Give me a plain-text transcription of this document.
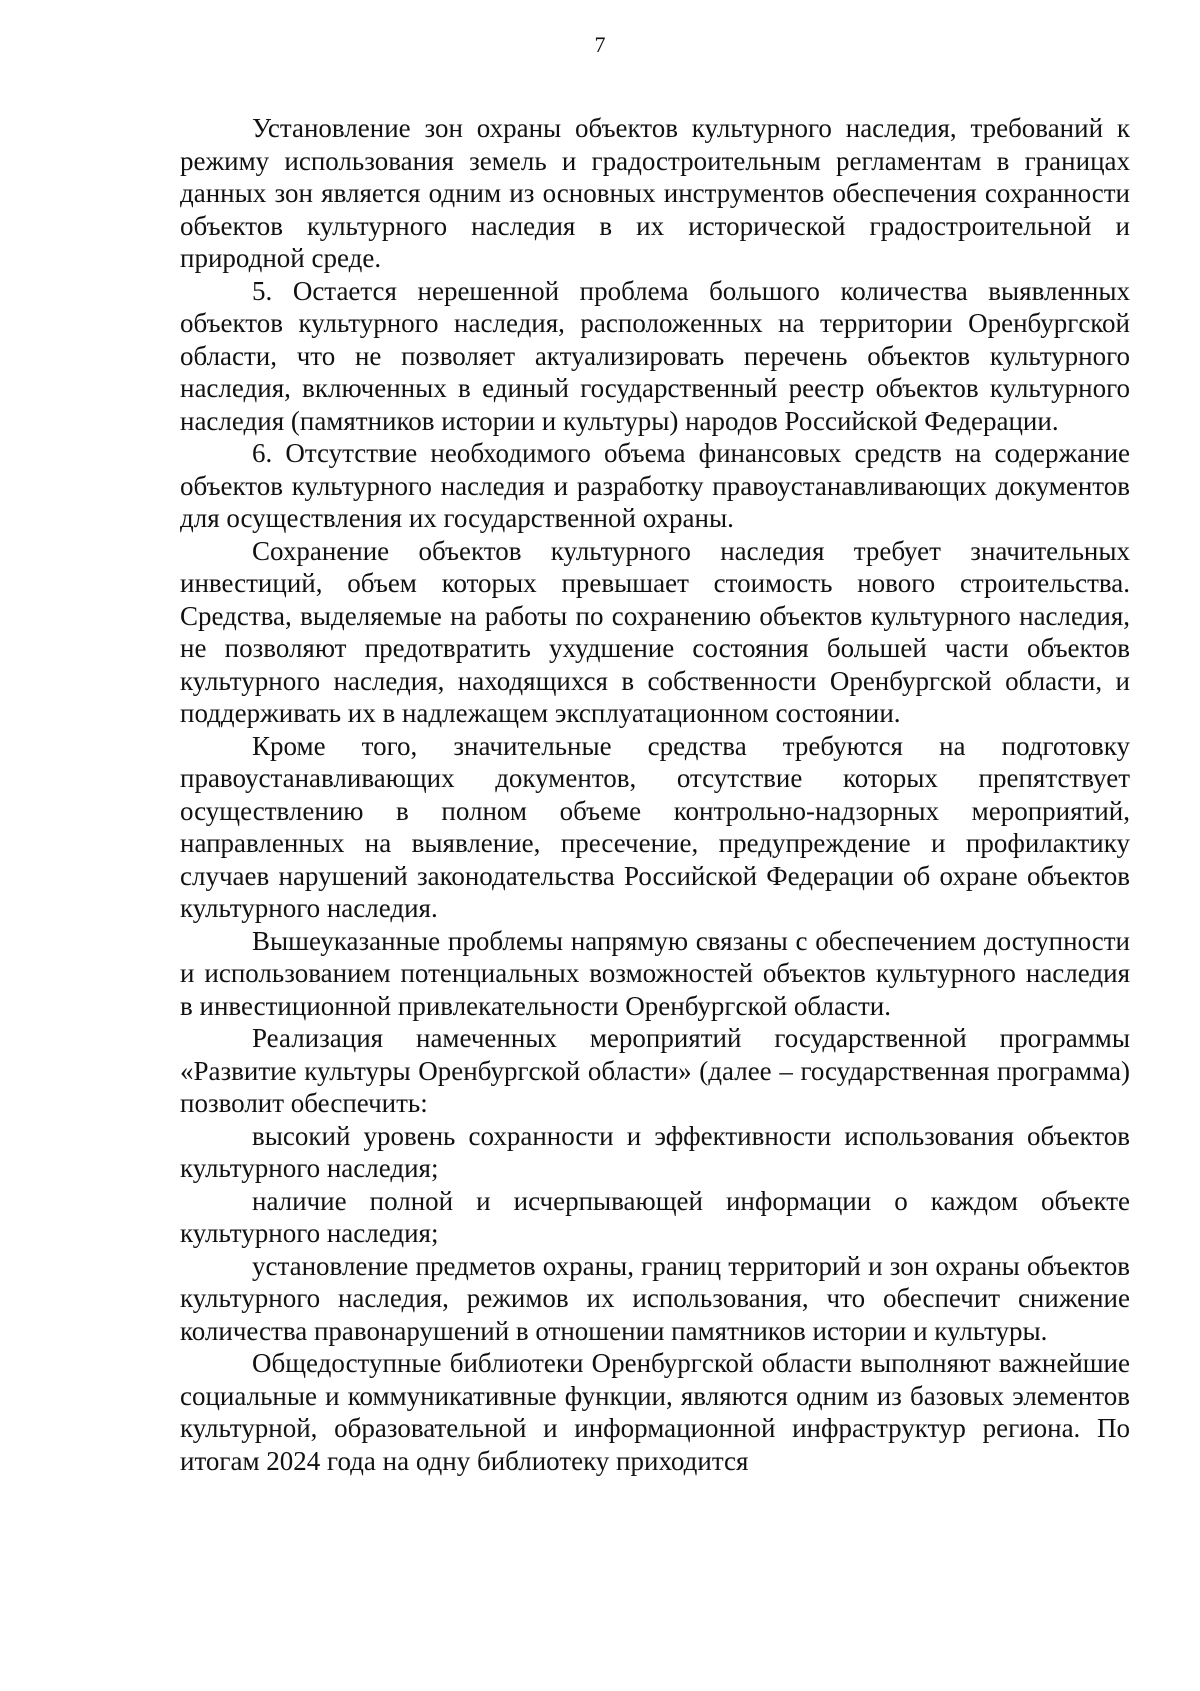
7

Установление зон охраны объектов культурного наследия, требований к режиму использования земель и градостроительным регламентам в границах данных зон является одним из основных инструментов обеспечения сохранности объектов культурного наследия в их исторической градостроительной и природной среде.

5. Остается нерешенной проблема большого количества выявленных объектов культурного наследия, расположенных на территории Оренбургской области, что не позволяет актуализировать перечень объектов культурного наследия, включенных в единый государственный реестр объектов культурного наследия (памятников истории и культуры) народов Российской Федерации.

6. Отсутствие необходимого объема финансовых средств на содержание объектов культурного наследия и разработку правоустанавливающих документов для осуществления их государственной охраны.

Сохранение объектов культурного наследия требует значительных инвестиций, объем которых превышает стоимость нового строительства. Средства, выделяемые на работы по сохранению объектов культурного наследия, не позволяют предотвратить ухудшение состояния большей части объектов культурного наследия, находящихся в собственности Оренбургской области, и поддерживать их в надлежащем эксплуатационном состоянии.

Кроме того, значительные средства требуются на подготовку правоустанавливающих документов, отсутствие которых препятствует осуществлению в полном объеме контрольно-надзорных мероприятий, направленных на выявление, пресечение, предупреждение и профилактику случаев нарушений законодательства Российской Федерации об охране объектов культурного наследия.

Вышеуказанные проблемы напрямую связаны с обеспечением доступности и использованием потенциальных возможностей объектов культурного наследия в инвестиционной привлекательности Оренбургской области.

Реализация намеченных мероприятий государственной программы «Развитие культуры Оренбургской области» (далее – государственная программа) позволит обеспечить:

высокий уровень сохранности и эффективности использования объектов культурного наследия;

наличие полной и исчерпывающей информации о каждом объекте культурного наследия;

установление предметов охраны, границ территорий и зон охраны объектов культурного наследия, режимов их использования, что обеспечит снижение количества правонарушений в отношении памятников истории и культуры.

Общедоступные библиотеки Оренбургской области выполняют важнейшие социальные и коммуникативные функции, являются одним из базовых элементов культурной, образовательной и информационной инфраструктур региона. По итогам 2024 года на одну библиотеку приходится
